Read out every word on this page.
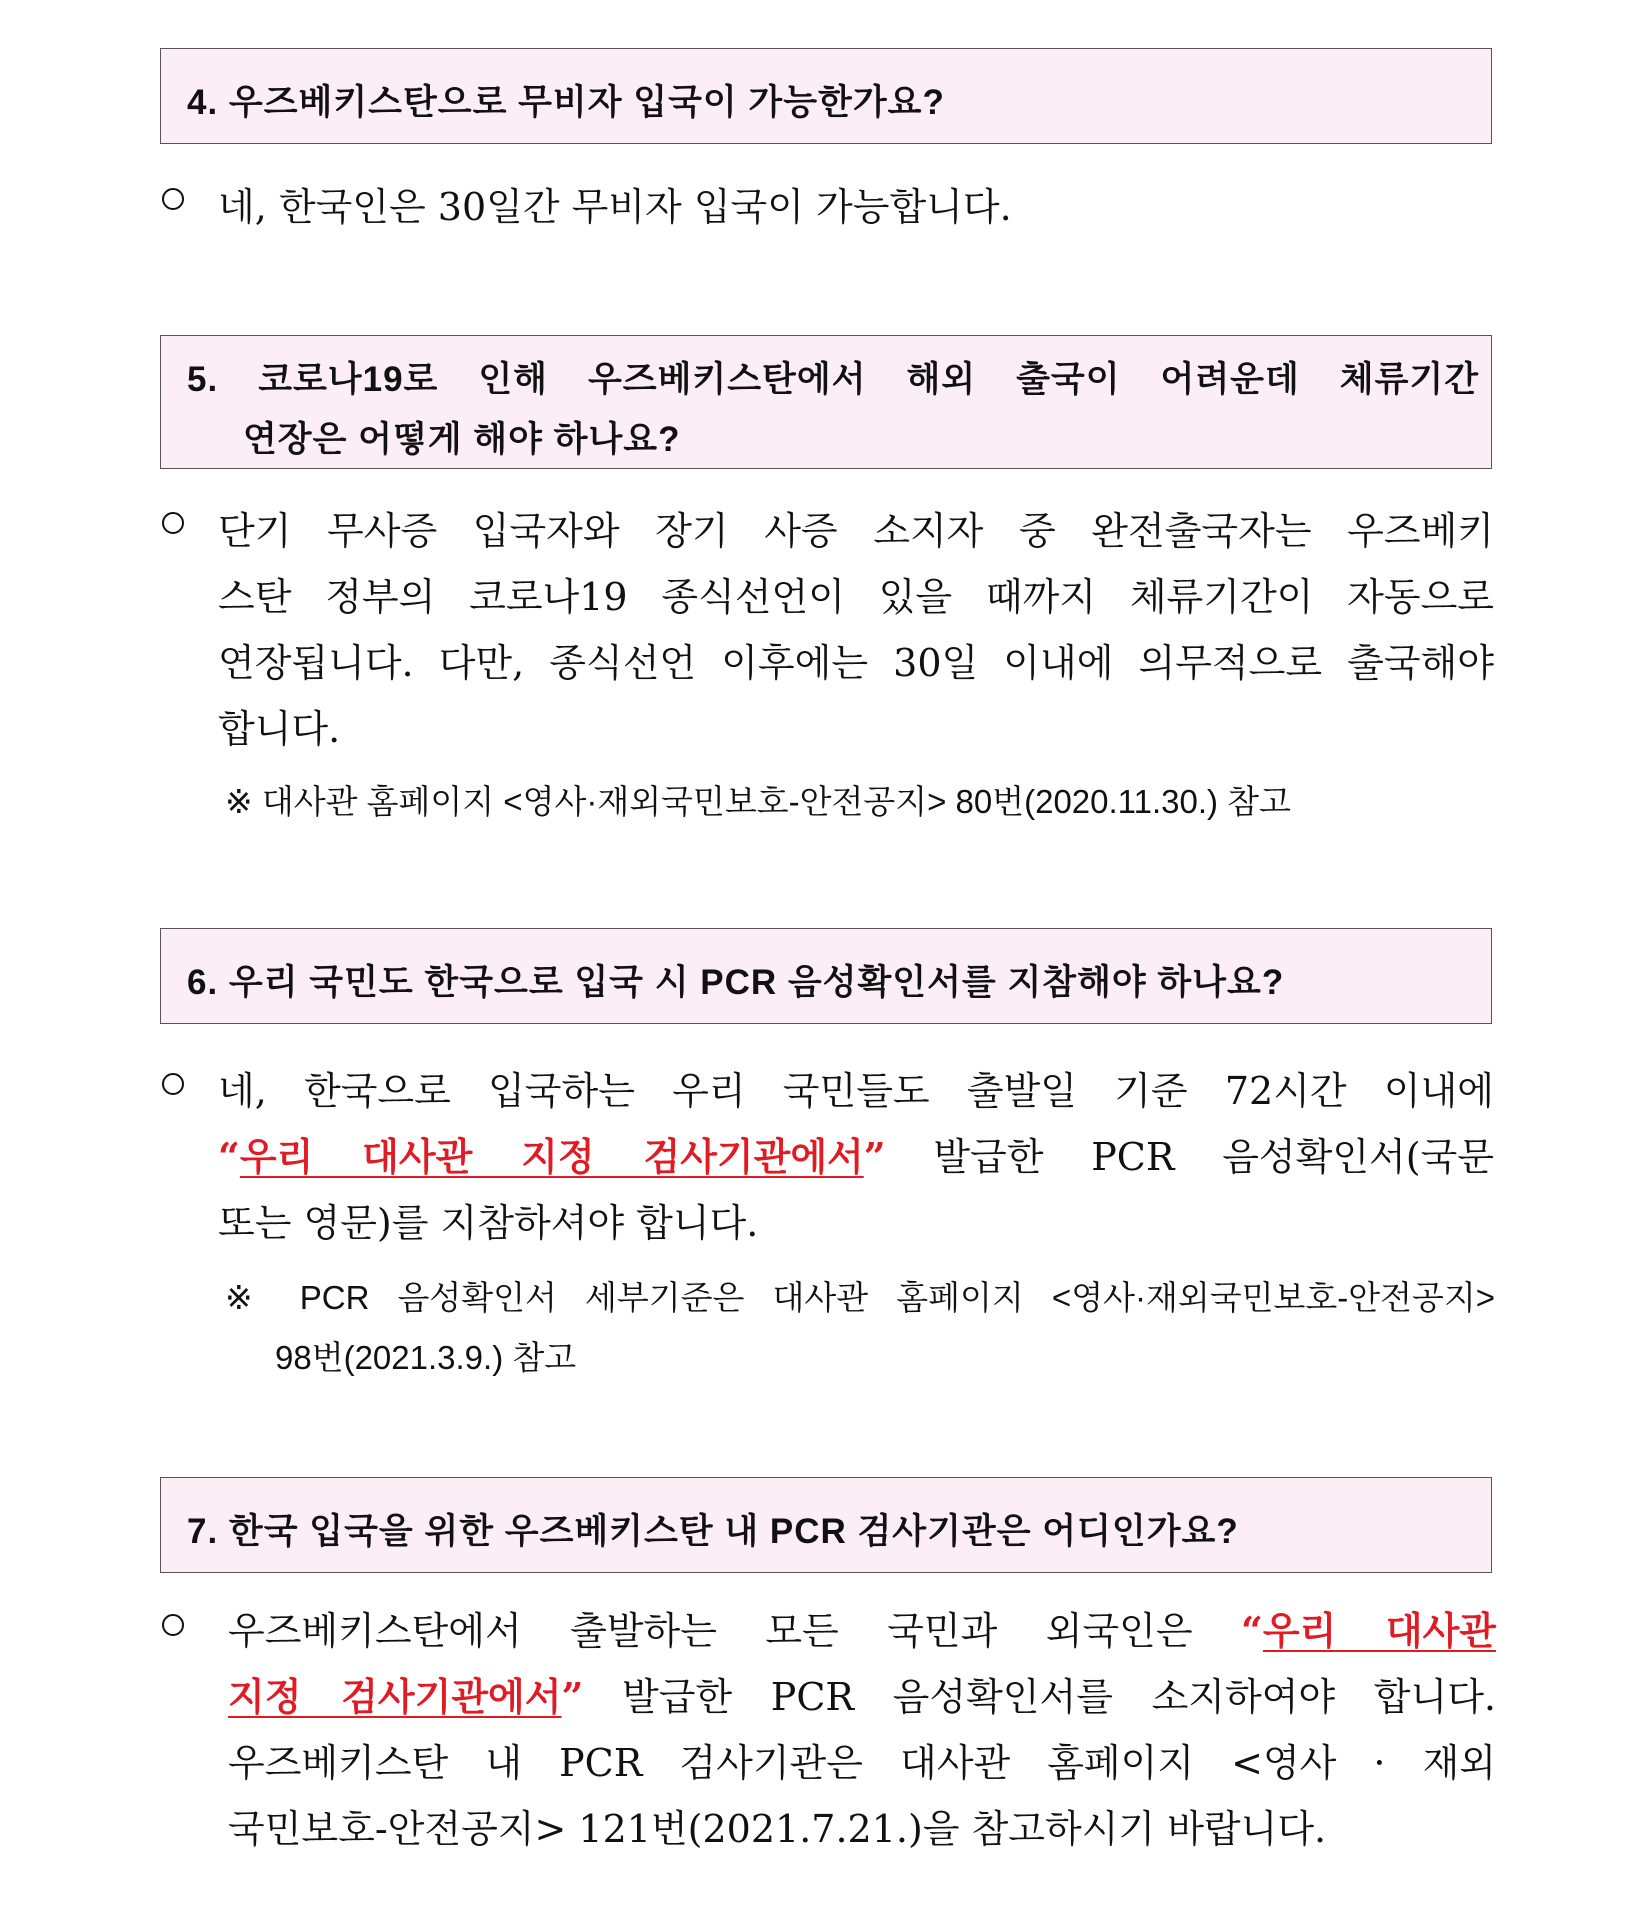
4. 우즈베키스탄으로 무비자 입국이 가능한가요?
네, 한국인은 30일간 무비자 입국이 가능합니다.
5. 코로나19로 인해 우즈베키스탄에서 해외 출국이 어려운데 체류기간
연장은 어떻게 해야 하나요?
단기 무사증 입국자와 장기 사증 소지자 중 완전출국자는 우즈베키
스탄 정부의 코로나19 종식선언이 있을 때까지 체류기간이 자동으로
연장됩니다. 다만, 종식선언 이후에는 30일 이내에 의무적으로 출국해야
합니다.
※ 대사관 홈페이지 <영사·재외국민보호-안전공지> 80번(2020.11.30.) 참고
6. 우리 국민도 한국으로 입국 시 PCR 음성확인서를 지참해야 하나요?
네, 한국으로 입국하는 우리 국민들도 출발일 기준 72시간 이내에
“우리 대사관 지정 검사기관에서” 발급한 PCR 음성확인서(국문
또는 영문)를 지참하셔야 합니다.
※ PCR 음성확인서 세부기준은 대사관 홈페이지 <영사·재외국민보호-안전공지>
98번(2021.3.9.) 참고
7. 한국 입국을 위한 우즈베키스탄 내 PCR 검사기관은 어디인가요?
우즈베키스탄에서 출발하는 모든 국민과 외국인은 “우리 대사관
지정 검사기관에서” 발급한 PCR 음성확인서를 소지하여야 합니다.
우즈베키스탄 내 PCR 검사기관은 대사관 홈페이지 <영사 · 재외
국민보호-안전공지> 121번(2021.7.21.)을 참고하시기 바랍니다.
